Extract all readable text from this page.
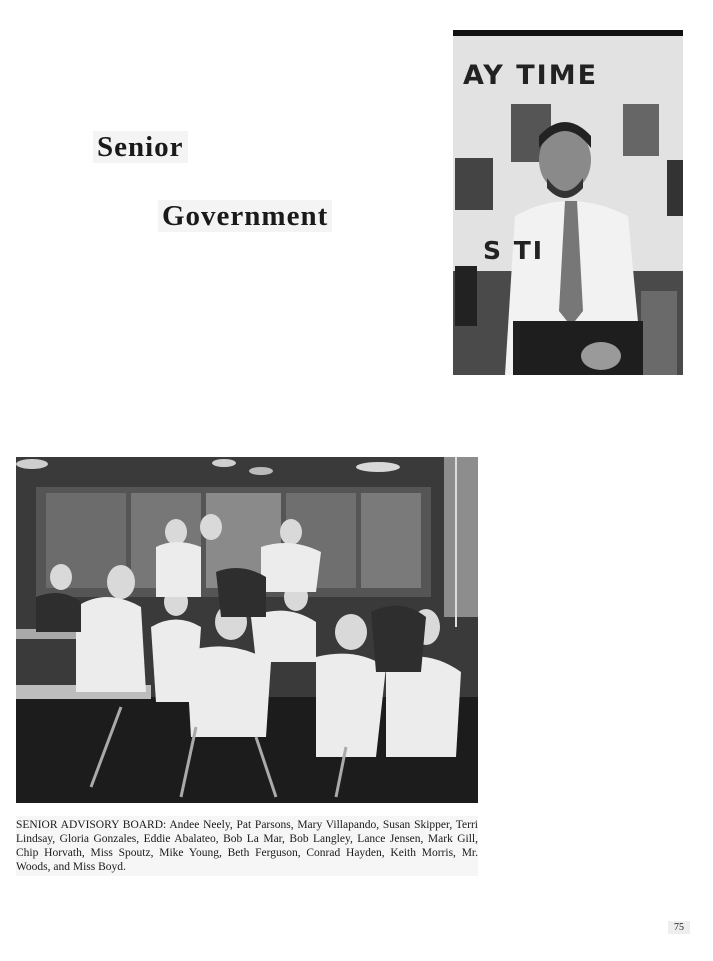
Senior
Government
AY TIME
S TI
SENIOR ADVISORY BOARD: Andee Neely, Pat Parsons, Mary Villapando, Susan Skipper, Terri Lindsay, Gloria Gonzales, Eddie Abalateo, Bob La Mar, Bob Langley, Lance Jensen, Mark Gill, Chip Horvath, Miss Spoutz, Mike Young, Beth Ferguson, Conrad Hayden, Keith Morris, Mr. Woods, and Miss Boyd.
75
